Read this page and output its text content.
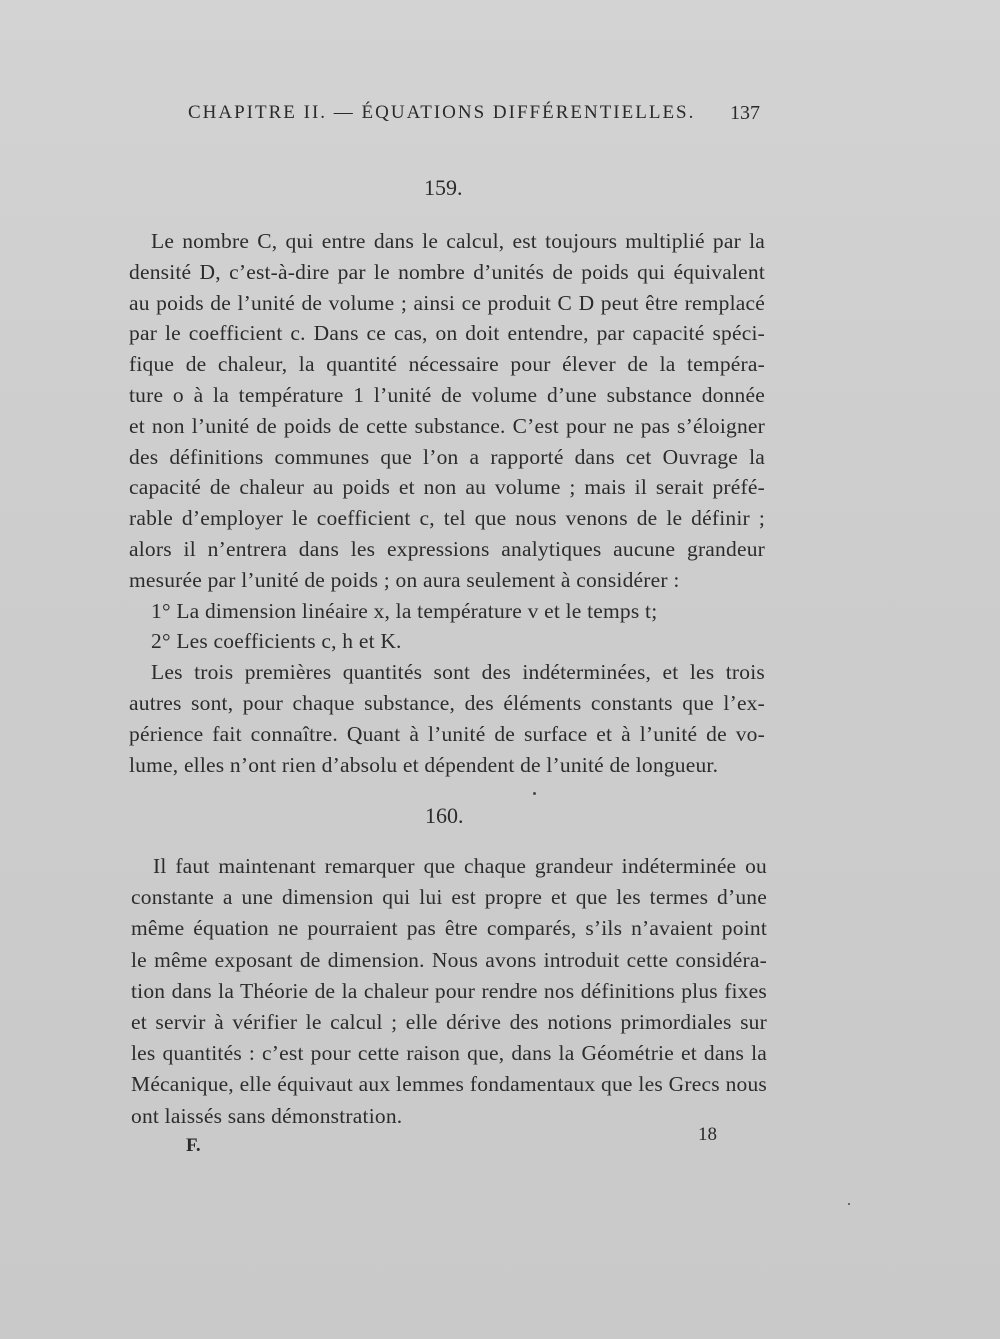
CHAPITRE II. — ÉQUATIONS DIFFÉRENTIELLES. 137
159.
Le nombre C, qui entre dans le calcul, est toujours multiplié par la
densité D, c’est-à-dire par le nombre d’unités de poids qui équivalent
au poids de l’unité de volume ; ainsi ce produit C D peut être remplacé
par le coefficient c. Dans ce cas, on doit entendre, par capacité spéci-
fique de chaleur, la quantité nécessaire pour élever de la tempéra-
ture o à la température 1 l’unité de volume d’une substance donnée
et non l’unité de poids de cette substance. C’est pour ne pas s’éloigner
des définitions communes que l’on a rapporté dans cet Ouvrage la
capacité de chaleur au poids et non au volume ; mais il serait préfé-
rable d’employer le coefficient c, tel que nous venons de le définir ;
alors il n’entrera dans les expressions analytiques aucune grandeur
mesurée par l’unité de poids ; on aura seulement à considérer :
1° La dimension linéaire x, la température v et le temps t;
2° Les coefficients c, h et K.
Les trois premières quantités sont des indéterminées, et les trois
autres sont, pour chaque substance, des éléments constants que l’ex-
périence fait connaître. Quant à l’unité de surface et à l’unité de vo-
lume, elles n’ont rien d’absolu et dépendent de l’unité de longueur.
160.
Il faut maintenant remarquer que chaque grandeur indéterminée ou
constante a une dimension qui lui est propre et que les termes d’une
même équation ne pourraient pas être comparés, s’ils n’avaient point
le même exposant de dimension. Nous avons introduit cette considéra-
tion dans la Théorie de la chaleur pour rendre nos définitions plus fixes
et servir à vérifier le calcul ; elle dérive des notions primordiales sur
les quantités : c’est pour cette raison que, dans la Géométrie et dans la
Mécanique, elle équivaut aux lemmes fondamentaux que les Grecs nous
ont laissés sans démonstration.
F.
18
